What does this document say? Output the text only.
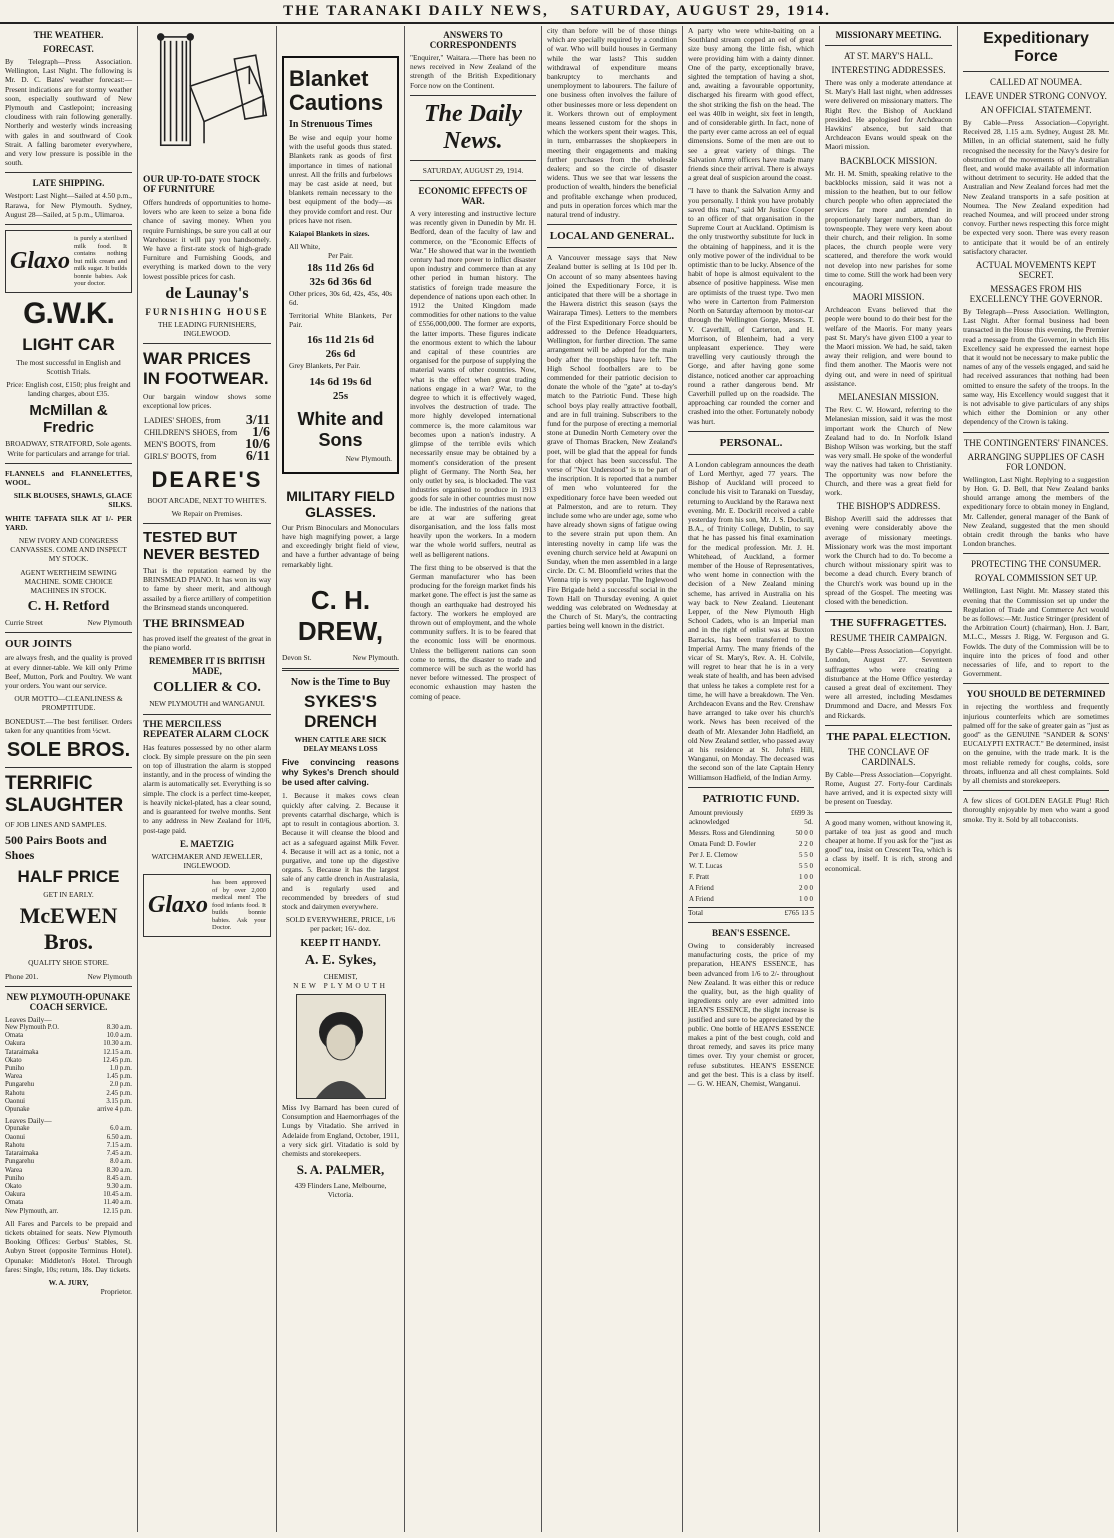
THE TARANAKI DAILY NEWS, SATURDAY, AUGUST 29, 1914.
THE WEATHER.
FORECAST.

By Telegraph—Press Association. Wellington, Last Night. The following is Mr. D. C. Bates' weather forecast:—Present indications are for stormy weather soon, especially southward of New Plymouth and Castlepoint; increasing cloudiness with rain following generally. Northerly and westerly winds increasing with gales in and southward of Cook Strait. A falling barometer everywhere, and very low pressure is possible in the south.

LATE SHIPPING.

Westport: Last Night—Sailed at 4.50 p.m., Rarawa, for New Plymouth. Sydney, August 28—Sailed, at 5 p.m., Ulimaroa.

Glaxo
is purely a sterilised milk food. It contains nothing but milk cream and milk sugar. It builds bonnie babies. Ask your doctor.
G.W.K.
LIGHT CAR

The most successful in English and Scottish Trials.

Price: English cost, £150; plus freight and landing charges, about £35.

McMillan & Fredric

BROADWAY, STRATFORD, Sole agents. Write for particulars and arrange for trial.

FLANNELS and FLANNELETTES, WOOL.

SILK BLOUSES, SHAWLS, GLACE SILKS.

WHITE TAFFATA SILK AT 1/- PER YARD.

NEW IVORY AND CONGRESS CANVASSES. COME AND INSPECT MY STOCK.

AGENT WERTHEIM SEWING MACHINE. SOME CHOICE MACHINES IN STOCK.

C. H. Retford
Currie Street	New Plymouth
OUR JOINTS

are always fresh, and the quality is proved at every dinner-table. We kill only Prime Beef, Mutton, Pork and Poultry. We want your orders. You want our service.

OUR MOTTO—CLEANLINESS & PROMPTITUDE.

BONEDUST.—The best fertiliser. Orders taken for any quantities from ½cwt.

SOLE BROS.
TERRIFIC SLAUGHTER

OF JOB LINES AND SAMPLES.

500 Pairs Boots and Shoes
HALF PRICE

GET IN EARLY.

McEWEN Bros.

QUALITY SHOE STORE.

Phone 201.	New Plymouth
NEW PLYMOUTH-OPUNAKE COACH SERVICE.
Leaves Daily—
New Plymouth P.O.	8.30 a.m.
Omata	10.0 a.m.
Oakura	10.30 a.m.
Tataraimaka	12.15 a.m.
Okato	12.45 p.m.
Puniho	1.0 p.m.
Warea	1.45 p.m.
Pungarehu	2.0 p.m.
Rahotu	2.45 p.m.
Oaonui	3.15 p.m.
Opunake	arrive 4 p.m.
Leaves Daily—
Opunake	6.0 a.m.
Oaonui	6.50 a.m.
Rahotu	7.15 a.m.
Tataraimaka	7.45 a.m.
Pungarehu	8.0 a.m.
Warea	8.30 a.m.
Puniho	8.45 a.m.
Okato	9.30 a.m.
Oakura	10.45 a.m.
Omata	11.40 a.m.
New Plymouth, arr.	12.15 p.m.

All Fares and Parcels to be prepaid and tickets obtained for seats. New Plymouth Booking Offices: Gerbus' Stables, St. Aubyn Street (opposite Terminus Hotel). Opunake: Middleton's Hotel. Through fares: Single, 10s; return, 18s. Day tickets.

W. A. JURY,

Proprietor.

OUR UP-TO-DATE STOCK OF FURNITURE

Offers hundreds of opportunities to home-lovers who are keen to seize a bona fide chance of saving money. When you require Furnishings, be sure you call at our Warehouse: it will pay you handsomely. We have a first-rate stock of high-grade Furniture and Furnishing Goods, and everything is marked down to the very lowest possible prices for cash.

de Launay's
FURNISHING HOUSE

THE LEADING FURNISHERS, INGLEWOOD.

WAR PRICES IN FOOTWEAR.

Our bargain window shows some exceptional low prices.

LADIES' SHOES, from	3/11
CHILDREN'S SHOES, from	1/6
MEN'S BOOTS, from	10/6
GIRLS' BOOTS, from	6/11
DEARE'S

BOOT ARCADE, NEXT TO WHITE'S.

We Repair on Premises.

TESTED BUT NEVER BESTED

That is the reputation earned by the BRINSMEAD PIANO. It has won its way to fame by sheer merit, and although assailed by a fierce artillery of competition the Brinsmead stands unconquered.

THE BRINSMEAD

has proved itself the greatest of the great in the piano world.

REMEMBER IT IS BRITISH MADE,
COLLIER & CO.

NEW PLYMOUTH and WANGANUI.

THE MERCILESS REPEATER ALARM CLOCK

Has features possessed by no other alarm clock. By simple pressure on the pin seen on top of illustration the alarm is stopped instantly, and in the process of winding the alarm is automatically set. Everything is so simple. The clock is a perfect time-keeper, is heavily nickel-plated, has a clear sound, and is guaranteed for twelve months. Sent to any address in New Zealand for 10/6, post-tage paid.

E. MAETZIG

WATCHMAKER AND JEWELLER, INGLEWOOD.

Glaxo
has been approved of by over 2,000 medical men! The food infants food. It builds bonnie babies. Ask your Doctor.
Blanket Cautions
In Strenuous Times

Be wise and equip your home with the useful goods thus stated. Blankets rank as goods of first importance in times of national unrest. All the frills and furbelows may be cast aside at need, but blankets remain necessary to the best equipment of the body—as they provide comfort and rest. Our prices have not risen.

Kaiapoi Blankets in sizes.

All White,

Per Pair.

18s 11d 26s 6d
32s 6d 36s 6d

Other prices, 30s 6d, 42s, 45s, 40s 6d.

Territorial White Blankets, Per Pair.

16s 11d 21s 6d
26s 6d

Grey Blankets, Per Pair.

14s 6d 19s 6d
25s
White and Sons

New Plymouth.

MILITARY FIELD GLASSES.

Our Prism Binoculars and Monoculars have high magnifying power, a large and exceedingly bright field of view, and have a further advantage of being remarkably light.

C. H. DREW,
Devon St.	New Plymouth.
Now is the Time to Buy
SYKES'S DRENCH

WHEN CATTLE ARE SICK DELAY MEANS LOSS

Five convincing reasons why Sykes's Drench should be used after calving.

1. Because it makes cows clean quickly after calving. 2. Because it prevents catarrhal discharge, which is apt to result in contagious abortion. 3. Because it will cleanse the blood and act as a safeguard against Milk Fever. 4. Because it will act as a tonic, not a purgative, and tone up the digestive organs. 5. Because it has the largest sale of any cattle drench in Australasia, and is regularly used and recommended by breeders of stud stock and dairymen everywhere.

SOLD EVERYWHERE, PRICE, 1/6 per packet; 16/- doz.

KEEP IT HANDY.
A. E. Sykes,

CHEMIST,

NEW PLYMOUTH

Miss Ivy Barnard has been cured of Consumption and Haemorrhages of the Lungs by Vitadatio. She arrived in Adelaide from England, October, 1911, a very sick girl. Vitadatio is sold by chemists and storekeepers.

S. A. PALMER,

439 Flinders Lane, Melbourne, Victoria.

ANSWERS TO CORRESPONDENTS

"Enquirer," Waitara.—There has been no news received in New Zealand of the strength of the British Expeditionary Force now on the Continent.

The Daily News.

SATURDAY, AUGUST 29, 1914.

ECONOMIC EFFECTS OF WAR.

A very interesting and instructive lecture was recently given in Dunedin by Mr. H. Bedford, dean of the faculty of law and commerce, on the "Economic Effects of War." He showed that war in the twentieth century had more power to inflict disaster upon industry and commerce than at any other period in human history. The statistics of foreign trade measure the dependence of nations upon each other. In 1912 the United Kingdom made commodities for other nations to the value of £556,000,000. The former are exports, the latter imports. These figures indicate the enormous extent to which the labour and capital of these countries are organised for the purpose of supplying the material wants of other countries. Now, what is the effect when great trading nations engage in a war? War, to the degree to which it is effectively waged, involves the destruction of trade. The more highly developed international commerce is, the more calamitous war becomes upon a nation's industry. A glimpse of the terrible evils which necessarily ensue may be obtained by a moment's consideration of the present plight of Germany. The North Sea, her only outlet by sea, is blockaded. The vast industries organised to produce in 1913 goods for sale in other countries must now be idle. The industries of the nations that are at war are suffering great disorganisation, and the loss falls most heavily upon the workers. In a modern war the whole world suffers, neutral as well as belligerent nations.

The first thing to be observed is that the German manufacturer who has been producing for the foreign market finds his market gone. The effect is just the same as though an earthquake had destroyed his factory. The workers he employed are thrown out of employment, and the whole community suffers. It is to be feared that the economic loss will be enormous. Unless the belligerent nations can soon come to terms, the disaster to trade and commerce will be such as the world has never before witnessed. The prospect of economic exhaustion may hasten the coming of peace.

city than before will be of those things which are specially required by a condition of war. Who will build houses in Germany while the war lasts? This sudden withdrawal of expenditure means bankruptcy to merchants and unemployment to labourers. The failure of one business often involves the failure of other businesses more or less dependent on it. Workers thrown out of employment means lessened custom for the shops in which the workers spent their wages. This, in turn, embarrasses the shopkeepers in meeting their engagements and making further purchases from the wholesale dealers; and so the circle of disaster widens. Thus we see that war lessens the production of wealth, hinders the beneficial and profitable exchange when produced, and puts in operation forces which mar the natural trend of industry.

LOCAL AND GENERAL.

A Vancouver message says that New Zealand butter is selling at 1s 10d per lb. On account of so many absentees having joined the Expeditionary Force, it is anticipated that there will be a shortage in the Hawera district this season (says the Wairarapa Times). Letters to the members of the First Expeditionary Force should be addressed to the Defence Headquarters, Wellington, for further direction. The same arrangement will be adopted for the main body after the troopships have left. The High School footballers are to be commended for their patriotic decision to donate the whole of the "gate" at to-day's match to the Patriotic Fund. These high school boys play really attractive football, and are in full training. Subscribers to the fund for the purpose of erecting a memorial stone at Dunedin North Cemetery over the grave of Thomas Bracken, New Zealand's poet, will be glad that the appeal for funds for that object has been successful. The verse of "Not Understood" is to be part of the inscription. It is reported that a number of men who volunteered for the expeditionary force have been weeded out at Palmerston, and are to return. They include some who are under age, some who have already shown signs of fatigue owing to the severe strain put upon them. An interesting novelty in camp life was the evening church service held at Awapuni on Sunday, when the men assembled in a large circle. Dr. C. M. Bloomfield writes that the Vienna trip is very popular. The Inglewood Fire Brigade held a successful social in the Town Hall on Thursday evening. A quiet wedding was celebrated on Wednesday at the Church of St. Mary's, the contracting parties being well known in the district.

A party who were white-baiting on a Southland stream copped an eel of great size busy among the little fish, which were providing him with a dainty dinner. One of the party, exceptionally brave, sighted the temptation of having a shot, and, awaiting a favourable opportunity, discharged his firearm with good effect, the shot striking the fish on the head. The eel was 40lb in weight, six feet in length, and of considerable girth. In fact, none of the party ever came across an eel of equal dimensions. Some of the men are out to see a great variety of things. The Salvation Army officers have made many friends since their arrival. There is always a great deal of suspicion around the coast.

"I have to thank the Salvation Army and you personally. I think you have probably saved this man," said Mr Justice Cooper to an officer of that organisation in the Supreme Court at Auckland. Optimism is the only trustworthy substitute for luck in the obtaining of happiness, and it is the only motive power of the individual to be optimistic than to be lucky. Absence of the habit of hope is almost equivalent to the absence of positive happiness. Wise men are optimists of the truest type. Two men who were in Carterton from Palmerston North on Saturday afternoon by motor-car through the Wellington Gorge, Messrs. T. V. Caverhill, of Carterton, and H. Morrison, of Blenheim, had a very unpleasant experience. They were travelling very cautiously through the Gorge, and after having gone some distance, noticed another car approaching round a rather dangerous bend. Mr Caverhill pulled up on the roadside. The approaching car rounded the corner and crashed into the other. Fortunately nobody was hurt.

PERSONAL.

A London cablegram announces the death of Lord Merthyr, aged 77 years. The Bishop of Auckland will proceed to conclude his visit to Taranaki on Tuesday, returning to Auckland by the Rarawa next evening. Mr. E. Dockrill received a cable yesterday from his son, Mr. J. S. Dockrill, B.A., of Trinity College, Dublin, to say that he has passed his final examination for the medical profession. Mr. J. H. Whitehead, of Auckland, a former member of the House of Representatives, who went home in connection with the decision of a New Zealand mining scheme, has arrived in Australia on his way back to New Zealand. Lieutenant Lepper, of the New Plymouth High School Cadets, who is an Imperial man and in the right of enlist was at Buxton Barracks, has been transferred to the Imperial Army. The many friends of the vicar of St. Mary's, Rev. A. H. Colvile, will regret to hear that he is in a very weak state of health, and has been advised that unless he takes a complete rest for a time, he will have a breakdown. The Ven. Archdeacon Evans and the Rev. Crenshaw have arranged to take over his church's work. News has been received of the death of Mr. Alexander John Hadfield, an old New Zealand settler, who passed away at his residence at St. John's Hill, Wanganui, on Monday. The deceased was the second son of the late Captain Henry Williamson Hadfield, of the Indian Army.

PATRIOTIC FUND.
Amount previously acknowledged	£699 3s 5d.
Messrs. Ross and Glendinning	50 0 0
Omata Fund: D. Fowler	2 2 0
Per J. E. Clemow	5 5 0
W. T. Lucas	5 5 0
F. Pratt	1 0 0
A Friend	2 0 0
A Friend	1 0 0
Total	£765 13 5
BEAN'S ESSENCE.

Owing to considerably increased manufacturing costs, the price of my preparation, HEAN'S ESSENCE, has been advanced from 1/6 to 2/- throughout New Zealand. It was either this or reduce the quality, but, as the high quality of ingredients only are ever admitted into HEAN'S ESSENCE, the slight increase is justified and sure to be appreciated by the public. One bottle of HEAN'S ESSENCE makes a pint of the best cough, cold and throat remedy, and saves its price many times over. Try your chemist or grocer, refuse substitutes. HEAN'S ESSENCE and get the best. This is a class by itself. — G. W. HEAN, Chemist, Wanganui.

MISSIONARY MEETING.
AT ST. MARY'S HALL.
INTERESTING ADDRESSES.

There was only a moderate attendance at St. Mary's Hall last night, when addresses were delivered on missionary matters. The Right Rev. the Bishop of Auckland presided. He apologised for Archdeacon Hawkins' absence, but said that Archdeacon Evans would speak on the Maori mission.

BACKBLOCK MISSION.

Mr. H. M. Smith, speaking relative to the backblocks mission, said it was not a mission to the heathen, but to our fellow church people who often appreciated the services far more and attended in proportionately larger numbers, than do townspeople. They were very keen about their church, and their religion. In some places, the church people were very scattered, and therefore the work would not develop into new parishes for some time to come. Still the work had been very encouraging.

MAORI MISSION.

Archdeacon Evans believed that the people were bound to do their best for the welfare of the Maoris. For many years past St. Mary's have given £100 a year to the Maori mission. We had, he said, taken away their religion, and were bound to find them another. The Maoris were not dying out, and were in need of spiritual assistance.

MELANESIAN MISSION.

The Rev. C. W. Howard, referring to the Melanesian mission, said it was the most important work the Church of New Zealand had to do. In Norfolk Island Bishop Wilson was working, but the staff was very small. He spoke of the wonderful way the natives had taken to Christianity. The opportunity was now before the Church, and there was a great field for work.

THE BISHOP'S ADDRESS.

Bishop Averill said the addresses that evening were considerably above the average of missionary meetings. Missionary work was the most important work the Church had to do. To become a church without missionary spirit was to become a dead church. Every branch of the Church's work was bound up in the spread of the Gospel. The meeting was closed with the benediction.

THE SUFFRAGETTES.
RESUME THEIR CAMPAIGN.

By Cable—Press Association—Copyright. London, August 27. Seventeen suffragettes who were creating a disturbance at the Home Office yesterday caused a great deal of excitement. They were all arrested, including Mesdames Drummond and Dacre, and Messrs Fox and Rickards.

THE PAPAL ELECTION.
THE CONCLAVE OF CARDINALS.

By Cable—Press Association—Copyright. Rome, August 27. Forty-four Cardinals have arrived, and it is expected sixty will be present on Tuesday.

A good many women, without knowing it, partake of tea just as good and much cheaper at home. If you ask for the "just as good" tea, insist on Crescent Tea, which is a class by itself. It is rich, strong and economical.

Expeditionary Force
CALLED AT NOUMEA.
LEAVE UNDER STRONG CONVOY.
AN OFFICIAL STATEMENT.

By Cable—Press Association—Copyright. Received 28, 1.15 a.m. Sydney, August 28. Mr. Millen, in an official statement, said he fully recognised the necessity for the Navy's desire for obstruction of the movements of the Australian fleet, and would make available all information without detriment to security. He added that the Australian and New Zealand forces had met the New Zealand transports in a safe position at Noumea. The New Zealand expedition had reached Noumea, and will proceed under strong convoy. Further news respecting this force might be expected very soon. There was every reason to anticipate that it would be of an entirely satisfactory character.

ACTUAL MOVEMENTS KEPT SECRET.
MESSAGES FROM HIS EXCELLENCY THE GOVERNOR.

By Telegraph—Press Association. Wellington, Last Night. After formal business had been transacted in the House this evening, the Premier read a message from the Governor, in which His Excellency said he expressed the earnest hope that it would not be necessary to make public the names of any of the vessels engaged, and said he had received assurances that nothing had been omitted to ensure the safety of the troops. In the same way, His Excellency would suggest that it is not advisable to give particulars of any ships which either the Dominion or any other dependency of the Crown is taking.

THE CONTINGENTERS' FINANCES.
ARRANGING SUPPLIES OF CASH FOR LONDON.

Wellington, Last Night. Replying to a suggestion by Hon. G. D. Bell, that New Zealand banks should arrange among the members of the expeditionary force to obtain money in England, Mr. Callender, general manager of the Bank of New Zealand, suggested that the men should obtain credit through the banks who have London branches.

PROTECTING THE CONSUMER.
ROYAL COMMISSION SET UP.

Wellington, Last Night. Mr. Massey stated this evening that the Commission set up under the Regulation of Trade and Commerce Act would be as follows:—Mr. Justice Stringer (president of the Arbitration Court) (chairman), Hon. J. Barr, M.L.C., Messrs J. Rigg, W. Ferguson and G. Fowlds. The duty of the Commission will be to inquire into the prices of food and other necessaries of life, and to report to the Government.

YOU SHOULD BE DETERMINED

in rejecting the worthless and frequently injurious counterfeits which are sometimes palmed off for the sake of greater gain as "just as good" as the GENUINE "SANDER & SONS' EUCALYPTI EXTRACT." Be determined, insist on the genuine, with the trade mark. It is the most reliable remedy for coughs, colds, sore throats, influenza and all chest complaints. Sold by all chemists and storekeepers.

A few slices of GOLDEN EAGLE Plug! Rich thoroughly enjoyable by men who want a good smoke. Try it. Sold by all tobacconists.
